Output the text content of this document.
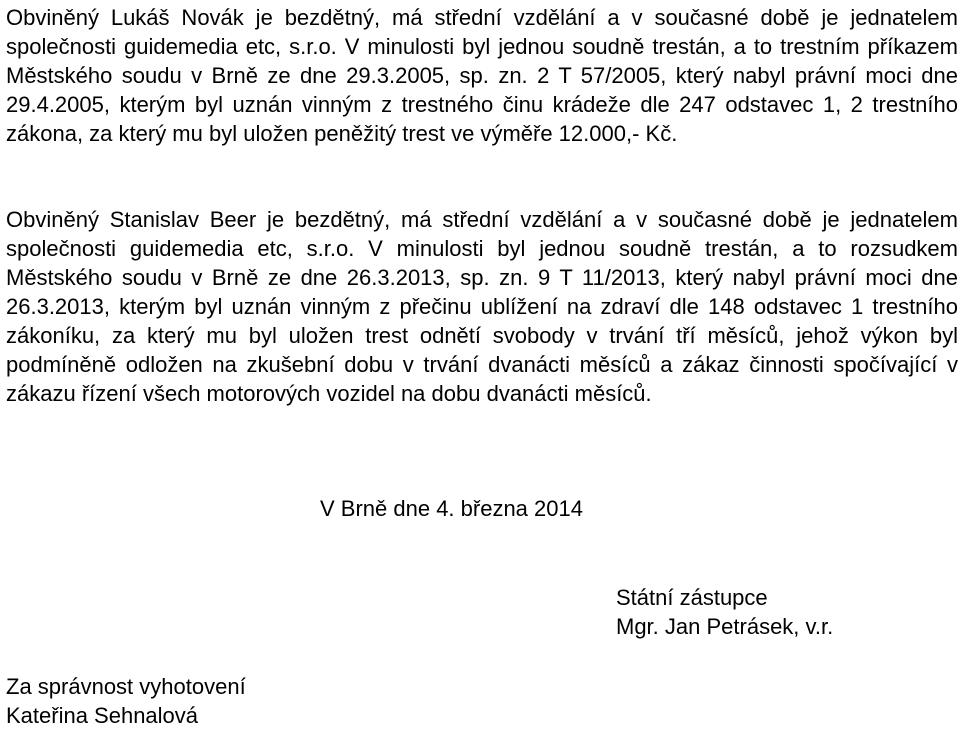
Obviněný Lukáš Novák je bezdětný, má střední vzdělání a v současné době je jednatelem společnosti guidemedia etc, s.r.o. V minulosti byl jednou soudně trestán, a to trestním příkazem Městského soudu v Brně ze dne 29.3.2005, sp. zn. 2 T 57/2005, který nabyl právní moci dne 29.4.2005, kterým byl uznán vinným z trestného činu krádeže dle 247 odstavec 1, 2 trestního zákona, za který mu byl uložen peněžitý trest ve výměře 12.000,- Kč.

Obviněný Stanislav Beer je bezdětný, má střední vzdělání a v současné době je jednatelem společnosti guidemedia etc, s.r.o. V minulosti byl jednou soudně trestán, a to rozsudkem Městského soudu v Brně ze dne 26.3.2013, sp. zn. 9 T 11/2013, který nabyl právní moci dne 26.3.2013, kterým byl uznán vinným z přečinu ublížení na zdraví dle 148 odstavec 1 trestního zákoníku, za který mu byl uložen trest odnětí svobody v trvání tří měsíců, jehož výkon byl podmíněně odložen na zkušební dobu v trvání dvanácti měsíců a zákaz činnosti spočívající v zákazu řízení všech motorových vozidel na dobu dvanácti měsíců.

V Brně dne 4. března 2014
Státní zástupce
Mgr. Jan Petrásek, v.r.
Za správnost vyhotovení
Kateřina Sehnalová
